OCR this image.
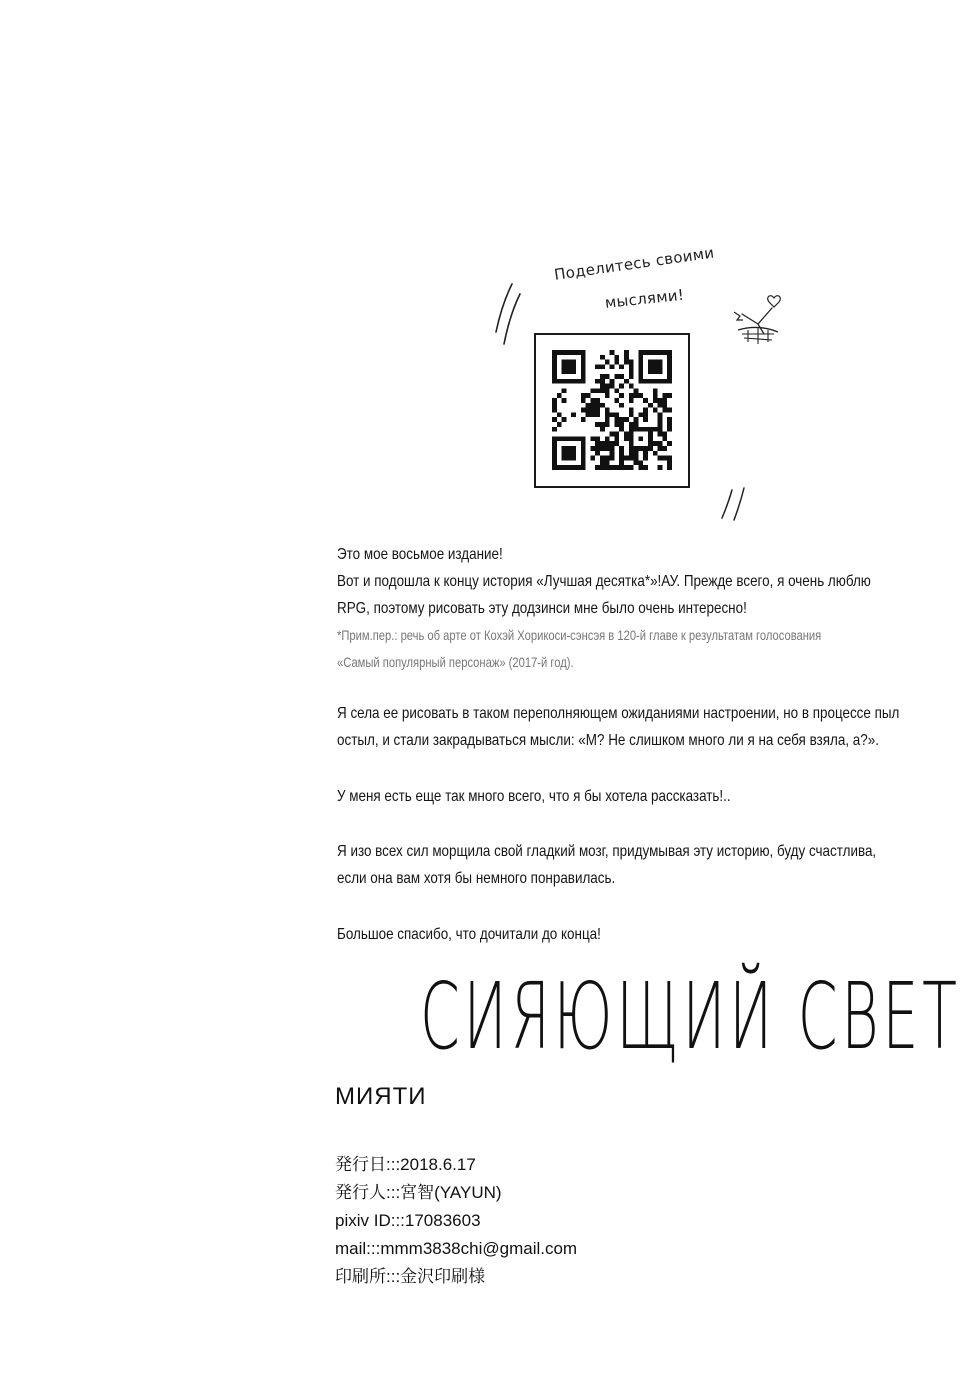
Поделитесь своими
мыслями!
Это мое восьмое издание!
Вот и подошла к концу история «Лучшая десятка*»!АУ. Прежде всего, я очень люблю
RPG, поэтому рисовать эту додзинси мне было очень интересно!
*Прим.пер.: речь об арте от Кохэй Хорикоси-сэнсэя в 120-й главе к результатам голосования
«Самый популярный персонаж» (2017-й год).
Я села ее рисовать в таком переполняющем ожиданиями настроении, но в процессе пыл
остыл, и стали закрадываться мысли: «М? Не слишком много ли я на себя взяла, а?».
У меня есть еще так много всего, что я бы хотела рассказать!..
Я изо всех сил морщила свой гладкий мозг, придумывая эту историю, буду счастлива,
если она вам хотя бы немного понравилась.
Большое спасибо, что дочитали до конца!
СИЯЮЩИЙ СВЕТ
МИЯТИ
発行日:::2018.6.17
発行人:::宮智(YAYUN)
pixiv ID:::17083603
mail:::mmm3838chi@gmail.com
印刷所:::金沢印刷様
